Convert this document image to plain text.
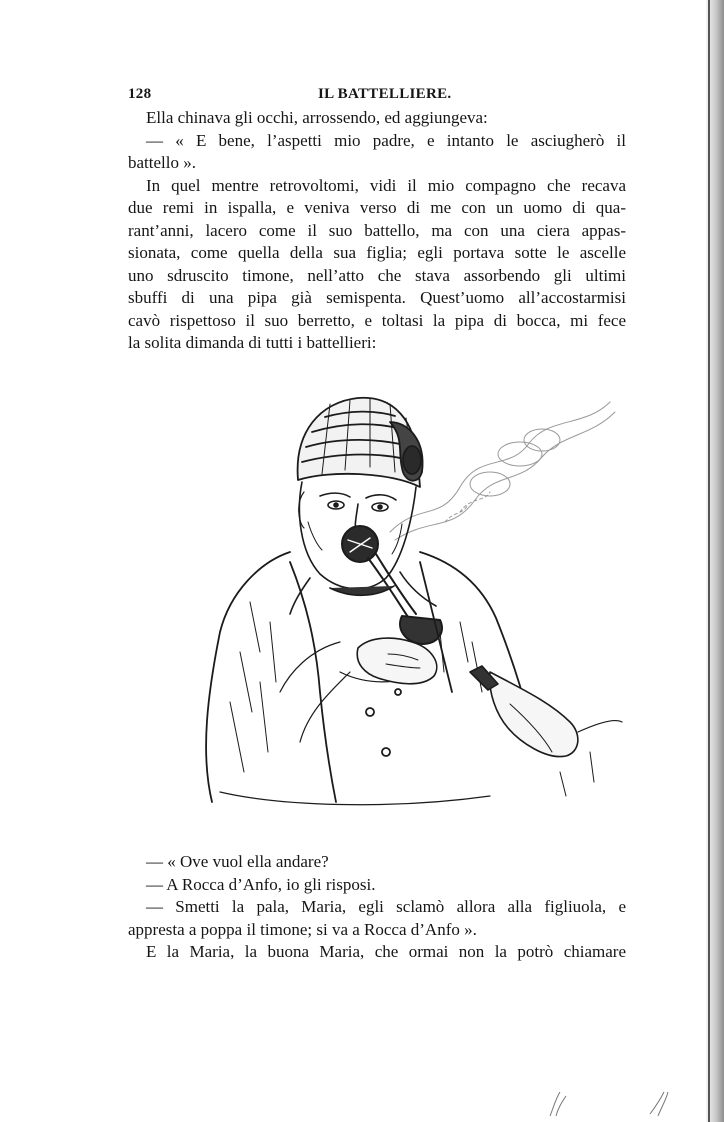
128	IL BATTELLIERE.
Ella chinava gli occhi, arrossendo, ed aggiungeva:
— « E bene, l’aspetti mio padre, e intanto le asciugherò il
battello ».
In quel mentre retrovoltomi, vidi il mio compagno che recava
due remi in ispalla, e veniva verso di me con un uomo di qua-
rant’anni, lacero come il suo battello, ma con una ciera appas-
sionata, come quella della sua figlia; egli portava sotte le ascelle
uno sdruscito timone, nell’atto che stava assorbendo gli ultimi
sbuffi di una pipa già semispenta. Quest’uomo all’accostarmisi
cavò rispettoso il suo berretto, e toltasi la pipa di bocca, mi fece
la solita dimanda di tutti i battellieri:
— « Ove vuol ella andare?
— A Rocca d’Anfo, io gli risposi.
— Smetti la pala, Maria, egli sclamò allora alla figliuola, e
appresta a poppa il timone; si va a Rocca d’Anfo ».
E la Maria, la buona Maria, che ormai non la potrò chiamare
